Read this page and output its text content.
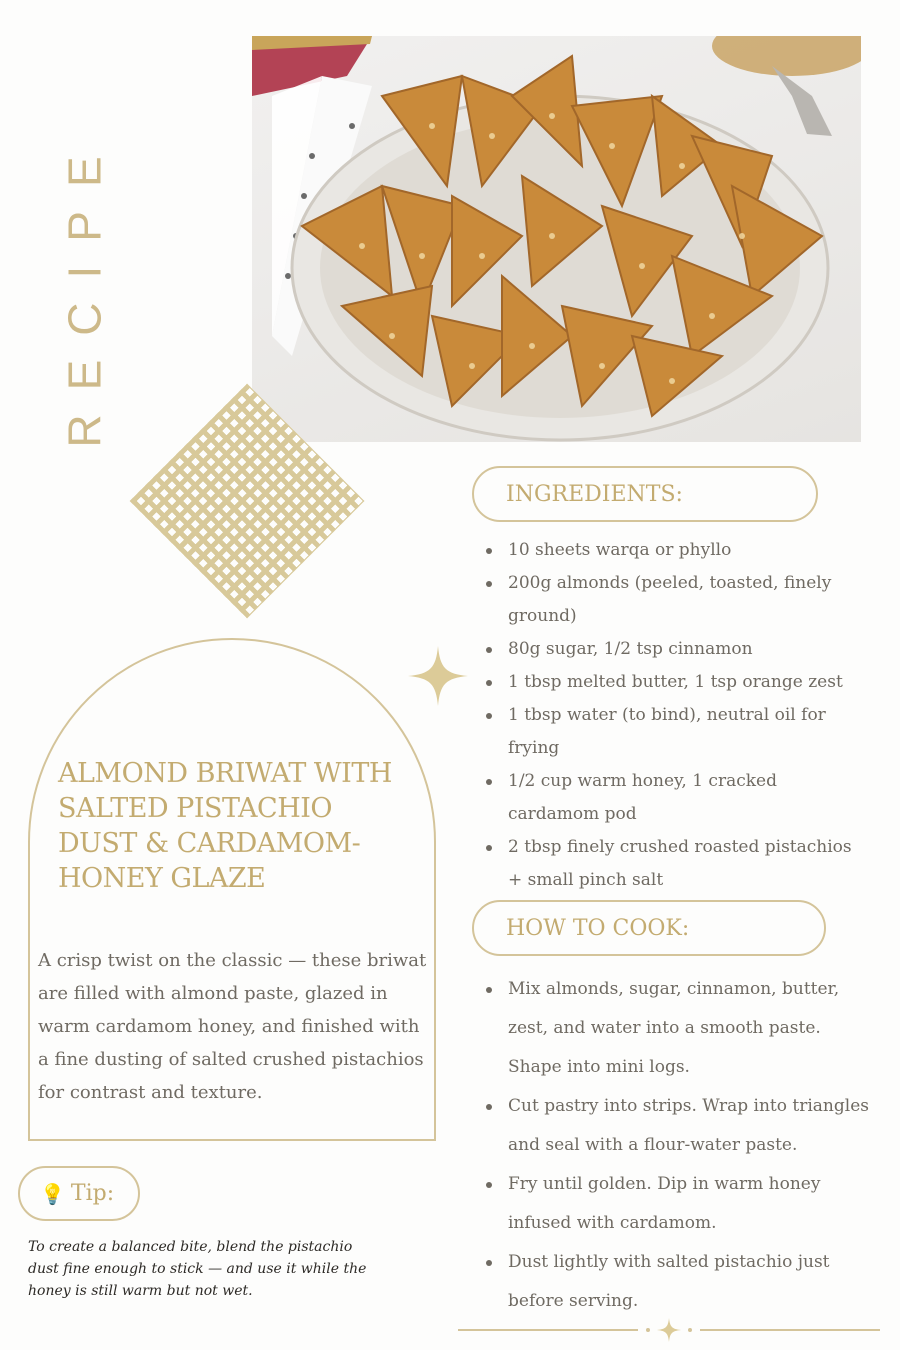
RECIPE
ALMOND BRIWAT WITH SALTED PISTACHIO DUST & CARDAMOM-HONEY GLAZE
A crisp twist on the classic — these briwat are filled with almond paste, glazed in warm cardamom honey, and finished with a fine dusting of salted crushed pistachios for contrast and texture.
INGREDIENTS:
10 sheets warqa or phyllo
200g almonds (peeled, toasted, finely ground)
80g sugar, 1/2 tsp cinnamon
1 tbsp melted butter, 1 tsp orange zest
1 tbsp water (to bind), neutral oil for frying
1/2 cup warm honey, 1 cracked cardamom pod
2 tbsp finely crushed roasted pistachios + small pinch salt
HOW TO COOK:
Mix almonds, sugar, cinnamon, butter, zest, and water into a smooth paste. Shape into mini logs.
Cut pastry into strips. Wrap into triangles and seal with a flour-water paste.
Fry until golden. Dip in warm honey infused with cardamom.
Dust lightly with salted pistachio just before serving.
💡 Tip:
To create a balanced bite, blend the pistachio dust fine enough to stick — and use it while the honey is still warm but not wet.
